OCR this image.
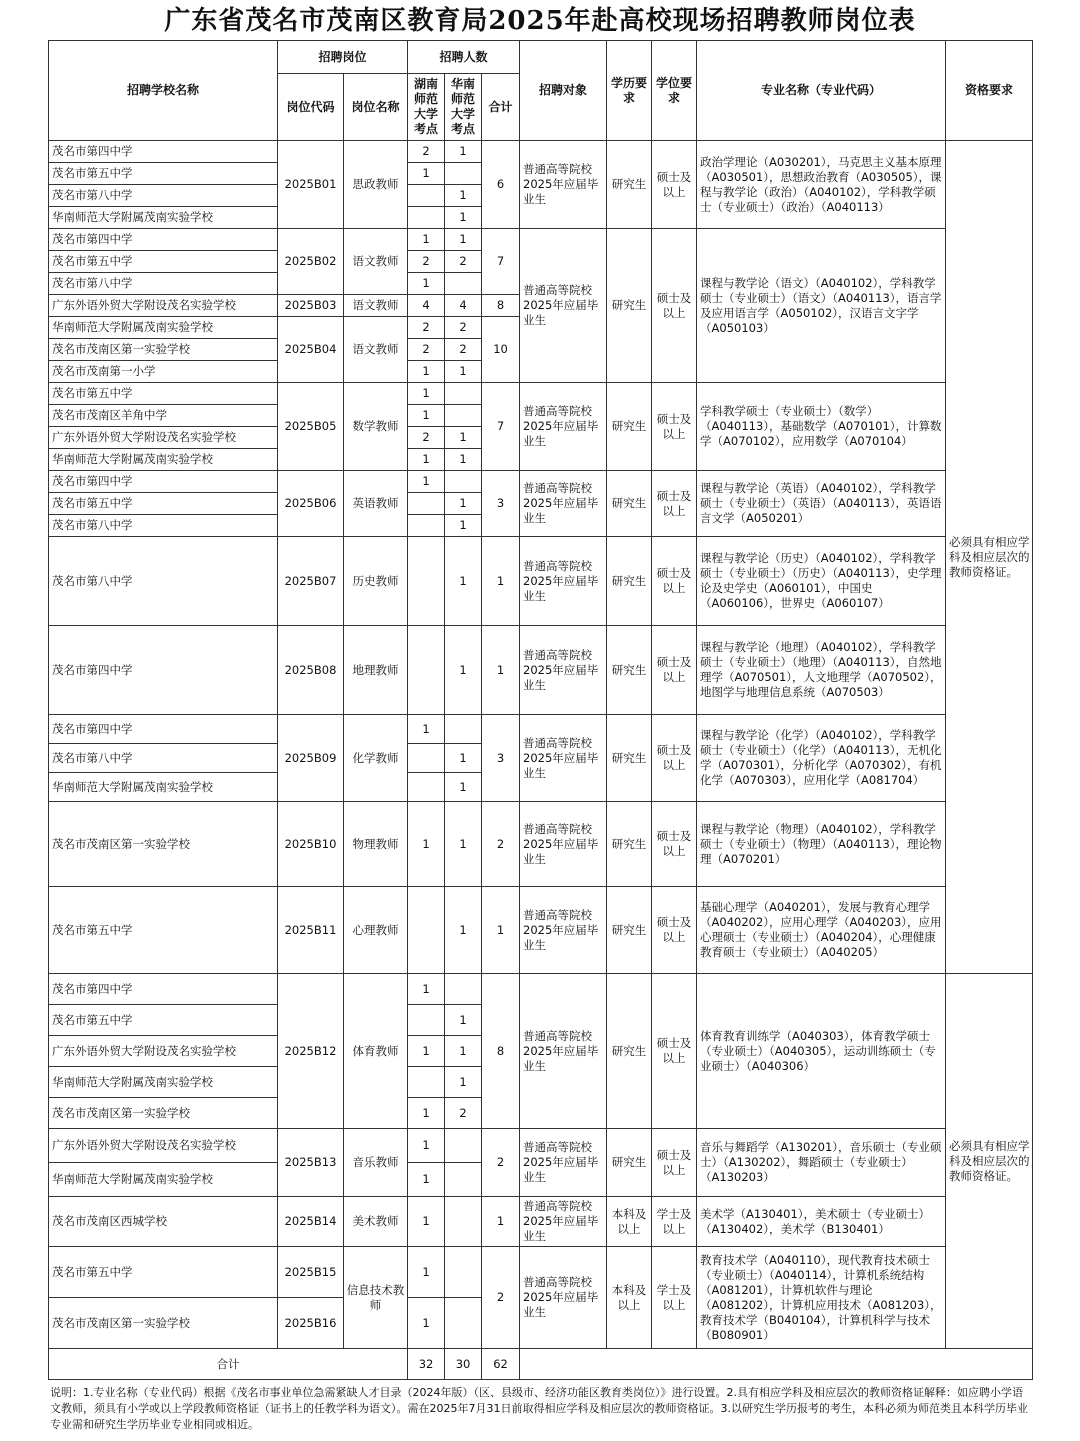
广东省茂名市茂南区教育局2025年赴高校现场招聘教师岗位表
招聘学校名称	招聘岗位		招聘人数			招聘对象	学历要求	学位要求	专业名称（专业代码）	资格要求
	岗位代码	岗位名称	湖南师范大学考点	华南师范大学考点	合计					
茂名市第四中学	2025B01	思政教师	2	1	6	普通高等院校2025年应届毕业生	研究生	硕士及以上	政治学理论（A030201），马克思主义基本原理（A030501），思想政治教育（A030505），课程与教学论（政治）（A040102），学科教学硕士（专业硕士）（政治）（A040113）	必须具有相应学科及相应层次的教师资格证。
茂名市第五中学			1							
茂名市第八中学				1						
华南师范大学附属茂南实验学校				1						
茂名市第四中学	2025B02	语文教师	1	1	7	普通高等院校2025年应届毕业生	研究生	硕士及以上	课程与教学论（语文）（A040102），学科教学硕士（专业硕士）（语文）（A040113），语言学及应用语言学（A050102），汉语言文字学（A050103）	
茂名市第五中学			2	2						
茂名市第八中学			1							
广东外语外贸大学附设茂名实验学校	2025B03	语文教师	4	4	8					
华南师范大学附属茂南实验学校	2025B04	语文教师	2	2	10					
茂名市茂南区第一实验学校			2	2						
茂名市茂南第一小学			1	1						
茂名市第五中学	2025B05	数学教师	1		7	普通高等院校2025年应届毕业生	研究生	硕士及以上	学科教学硕士（专业硕士）（数学）（A040113），基础数学（A070101），计算数学（A070102），应用数学（A070104）	
茂名市茂南区羊角中学			1							
广东外语外贸大学附设茂名实验学校			2	1						
华南师范大学附属茂南实验学校			1	1						
茂名市第四中学	2025B06	英语教师	1		3	普通高等院校2025年应届毕业生	研究生	硕士及以上	课程与教学论（英语）（A040102），学科教学硕士（专业硕士）（英语）（A040113），英语语言文学（A050201）	
茂名市第五中学				1						
茂名市第八中学				1						
茂名市第八中学	2025B07	历史教师		1	1	普通高等院校2025年应届毕业生	研究生	硕士及以上	课程与教学论（历史）（A040102），学科教学硕士（专业硕士）（历史）（A040113），史学理论及史学史（A060101），中国史（A060106），世界史（A060107）	
茂名市第四中学	2025B08	地理教师		1	1	普通高等院校2025年应届毕业生	研究生	硕士及以上	课程与教学论（地理）（A040102），学科教学硕士（专业硕士）（地理）（A040113），自然地理学（A070501），人文地理学（A070502），地图学与地理信息系统（A070503）	
茂名市第四中学	2025B09	化学教师	1		3	普通高等院校2025年应届毕业生	研究生	硕士及以上	课程与教学论（化学）（A040102），学科教学硕士（专业硕士）（化学）（A040113），无机化学（A070301），分析化学（A070302），有机化学（A070303），应用化学（A081704）	
茂名市第八中学				1						
华南师范大学附属茂南实验学校				1						
茂名市茂南区第一实验学校	2025B10	物理教师	1	1	2	普通高等院校2025年应届毕业生	研究生	硕士及以上	课程与教学论（物理）（A040102），学科教学硕士（专业硕士）（物理）（A040113），理论物理（A070201）	
茂名市第五中学	2025B11	心理教师		1	1	普通高等院校2025年应届毕业生	研究生	硕士及以上	基础心理学（A040201），发展与教育心理学（A040202），应用心理学（A040203），应用心理硕士（专业硕士）（A040204），心理健康教育硕士（专业硕士）（A040205）	
茂名市第四中学	2025B12	体育教师	1		8	普通高等院校2025年应届毕业生	研究生	硕士及以上	体育教育训练学（A040303），体育教学硕士（专业硕士）（A040305），运动训练硕士（专业硕士）（A040306）	必须具有相应学科及相应层次的教师资格证。
茂名市第五中学				1						
广东外语外贸大学附设茂名实验学校			1	1						
华南师范大学附属茂南实验学校				1						
茂名市茂南区第一实验学校			1	2						
广东外语外贸大学附设茂名实验学校	2025B13	音乐教师	1		2	普通高等院校2025年应届毕业生	研究生	硕士及以上	音乐与舞蹈学（A130201），音乐硕士（专业硕士）（A130202），舞蹈硕士（专业硕士）（A130203）	
华南师范大学附属茂南实验学校			1							
茂名市茂南区西城学校	2025B14	美术教师	1		1	普通高等院校2025年应届毕业生	本科及以上	学士及以上	美术学（A130401），美术硕士（专业硕士）（A130402），美术学（B130401）	
茂名市第五中学	2025B15	信息技术教师	1		2	普通高等院校2025年应届毕业生	本科及以上	学士及以上	教育技术学（A040110），现代教育技术硕士（专业硕士）（A040114），计算机系统结构（A081201），计算机软件与理论（A081202），计算机应用技术（A081203），教育技术学（B040104），计算机科学与技术（B080901）	
茂名市茂南区第一实验学校	2025B16		1							
合计			32	30	62					
说明：1.专业名称（专业代码）根据《茂名市事业单位急需紧缺人才目录（2024年版）（区、县级市、经济功能区教育类岗位）》进行设置。2.具有相应学科及相应层次的教师资格证解释：如应聘小学语文教师，须具有小学或以上学段教师资格证（证书上的任教学科为语文）。需在2025年7月31日前取得相应学科及相应层次的教师资格证。3.以研究生学历报考的考生，本科必须为师范类且本科学历毕业专业需和研究生学历毕业专业相同或相近。
